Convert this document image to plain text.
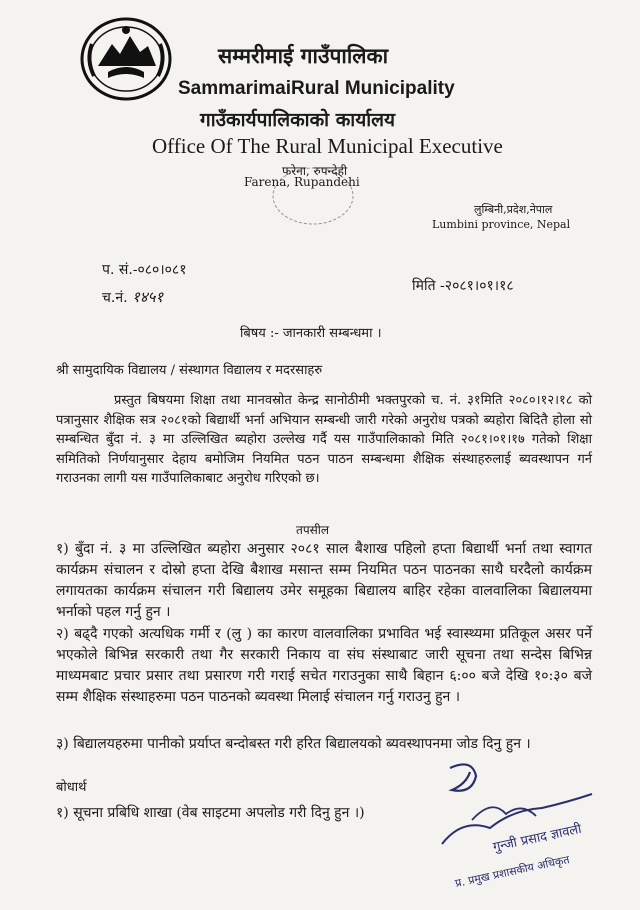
सम्मरीमाई गाउँपालिका
SammarimaiRural Municipality
गाउँकार्यपालिकाको कार्यालय
Office Of The Rural Municipal Executive
फरेना, रुपन्देही
Farena, Rupandehi
लुम्बिनी,प्रदेश,नेपाल
Lumbini province, Nepal
प. सं.-०८०।०८१
च.नं. १४५१
मिति -२०८१।०१।१८
बिषय :- जानकारी सम्बन्धमा ।
श्री सामुदायिक विद्यालय / संस्थागत विद्यालय र मदरसाहरु
प्रस्तुत बिषयमा शिक्षा तथा मानवस्रोत केन्द्र सानोठीमी भक्तपुरको च. नं. ३१मिति २०८०।१२।१८ को पत्रानुसार शैक्षिक सत्र २०८१को बिद्यार्थी भर्ना अभियान सम्बन्धी जारी गरेको अनुरोध पत्रको ब्यहोरा बिदितै होला सो सम्बन्धित बुँदा नं. ३ मा उल्लिखित ब्यहोरा उल्लेख गर्दै यस गाउँपालिकाको मिति २०८१।०१।१७ गतेको शिक्षा समितिको निर्णयानुसार देहाय बमोजिम नियमित पठन पाठन सम्बन्धमा शैक्षिक संस्थाहरुलाई ब्यवस्थापन गर्न गराउनका लागी यस गाउँपालिकाबाट अनुरोध गरिएको छ।
तपसील
१) बुँदा नं. ३ मा उल्लिखित ब्यहोरा अनुसार २०८१ साल बैशाख पहिलो हप्ता बिद्यार्थी भर्ना तथा स्वागत कार्यक्रम संचालन र दोस्रो हप्ता देखि बैशाख मसान्त सम्म नियमित पठन पाठनका साथै घरदैलो कार्यक्रम लगायतका कार्यक्रम संचालन गरी बिद्यालय उमेर समूहका बिद्यालय बाहिर रहेका वालवालिका बिद्यालयमा भर्नाको पहल गर्नु हुन ।
२) बढ्दै गएको अत्यधिक गर्मी र (लु ) का कारण वालवालिका प्रभावित भई स्वास्थ्यमा प्रतिकूल असर पर्ने भएकोले बिभिन्न सरकारी तथा गैर सरकारी निकाय वा संघ संस्थाबाट जारी सूचना तथा सन्देस बिभिन्न माध्यमबाट प्रचार प्रसार तथा प्रसारण गरी गराई सचेत गराउनुका साथै बिहान ६:०० बजे देखि १०:३० बजे सम्म शैक्षिक संस्थाहरुमा पठन पाठनको ब्यवस्था मिलाई संचालन गर्नु गराउनु हुन ।
३) बिद्यालयहरुमा पानीको प्रर्याप्त बन्दोबस्त गरी हरित बिद्यालयको ब्यवस्थापनमा जोड दिनु हुन ।
बोधार्थ
१) सूचना प्रबिधि शाखा (वेब साइटमा अपलोड गरी दिनु हुन ।)
गुन्जी प्रसाद ज्ञावली
प्र. प्रमुख प्रशासकीय अधिकृत
